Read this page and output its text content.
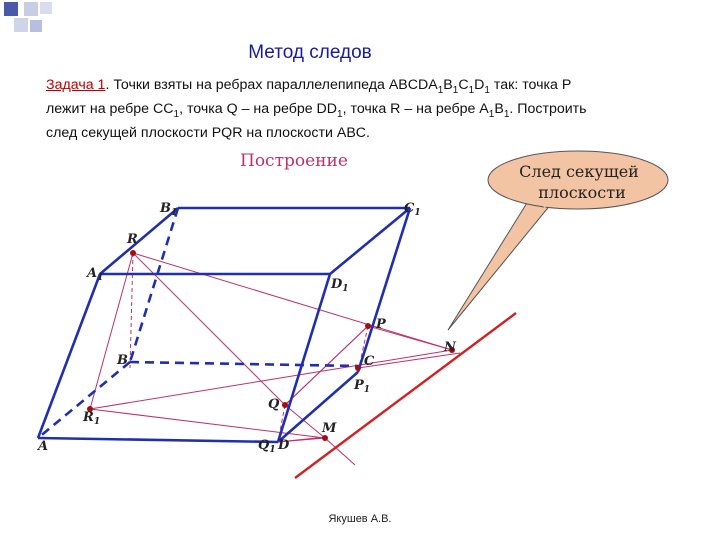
Метод следов
Задача 1. Точки взяты на ребрах параллелепипеда $ABCDA_1B_1C_1D_1$ так: точка P
лежит на ребре $CC_1$, точка Q – на ребре $DD_1$, точка R – на ребре $A_1B_1$. Построить
след секущей плоскости PQR на плоскости ABC.
След секущей
плоскости
Построение
$B_1$	$C_1$
R
$A_1$	$D_1$
P
N
B	C
$P_1$
Q
$R_1$
A
M
$Q_1$ D
Якушев А.В.
